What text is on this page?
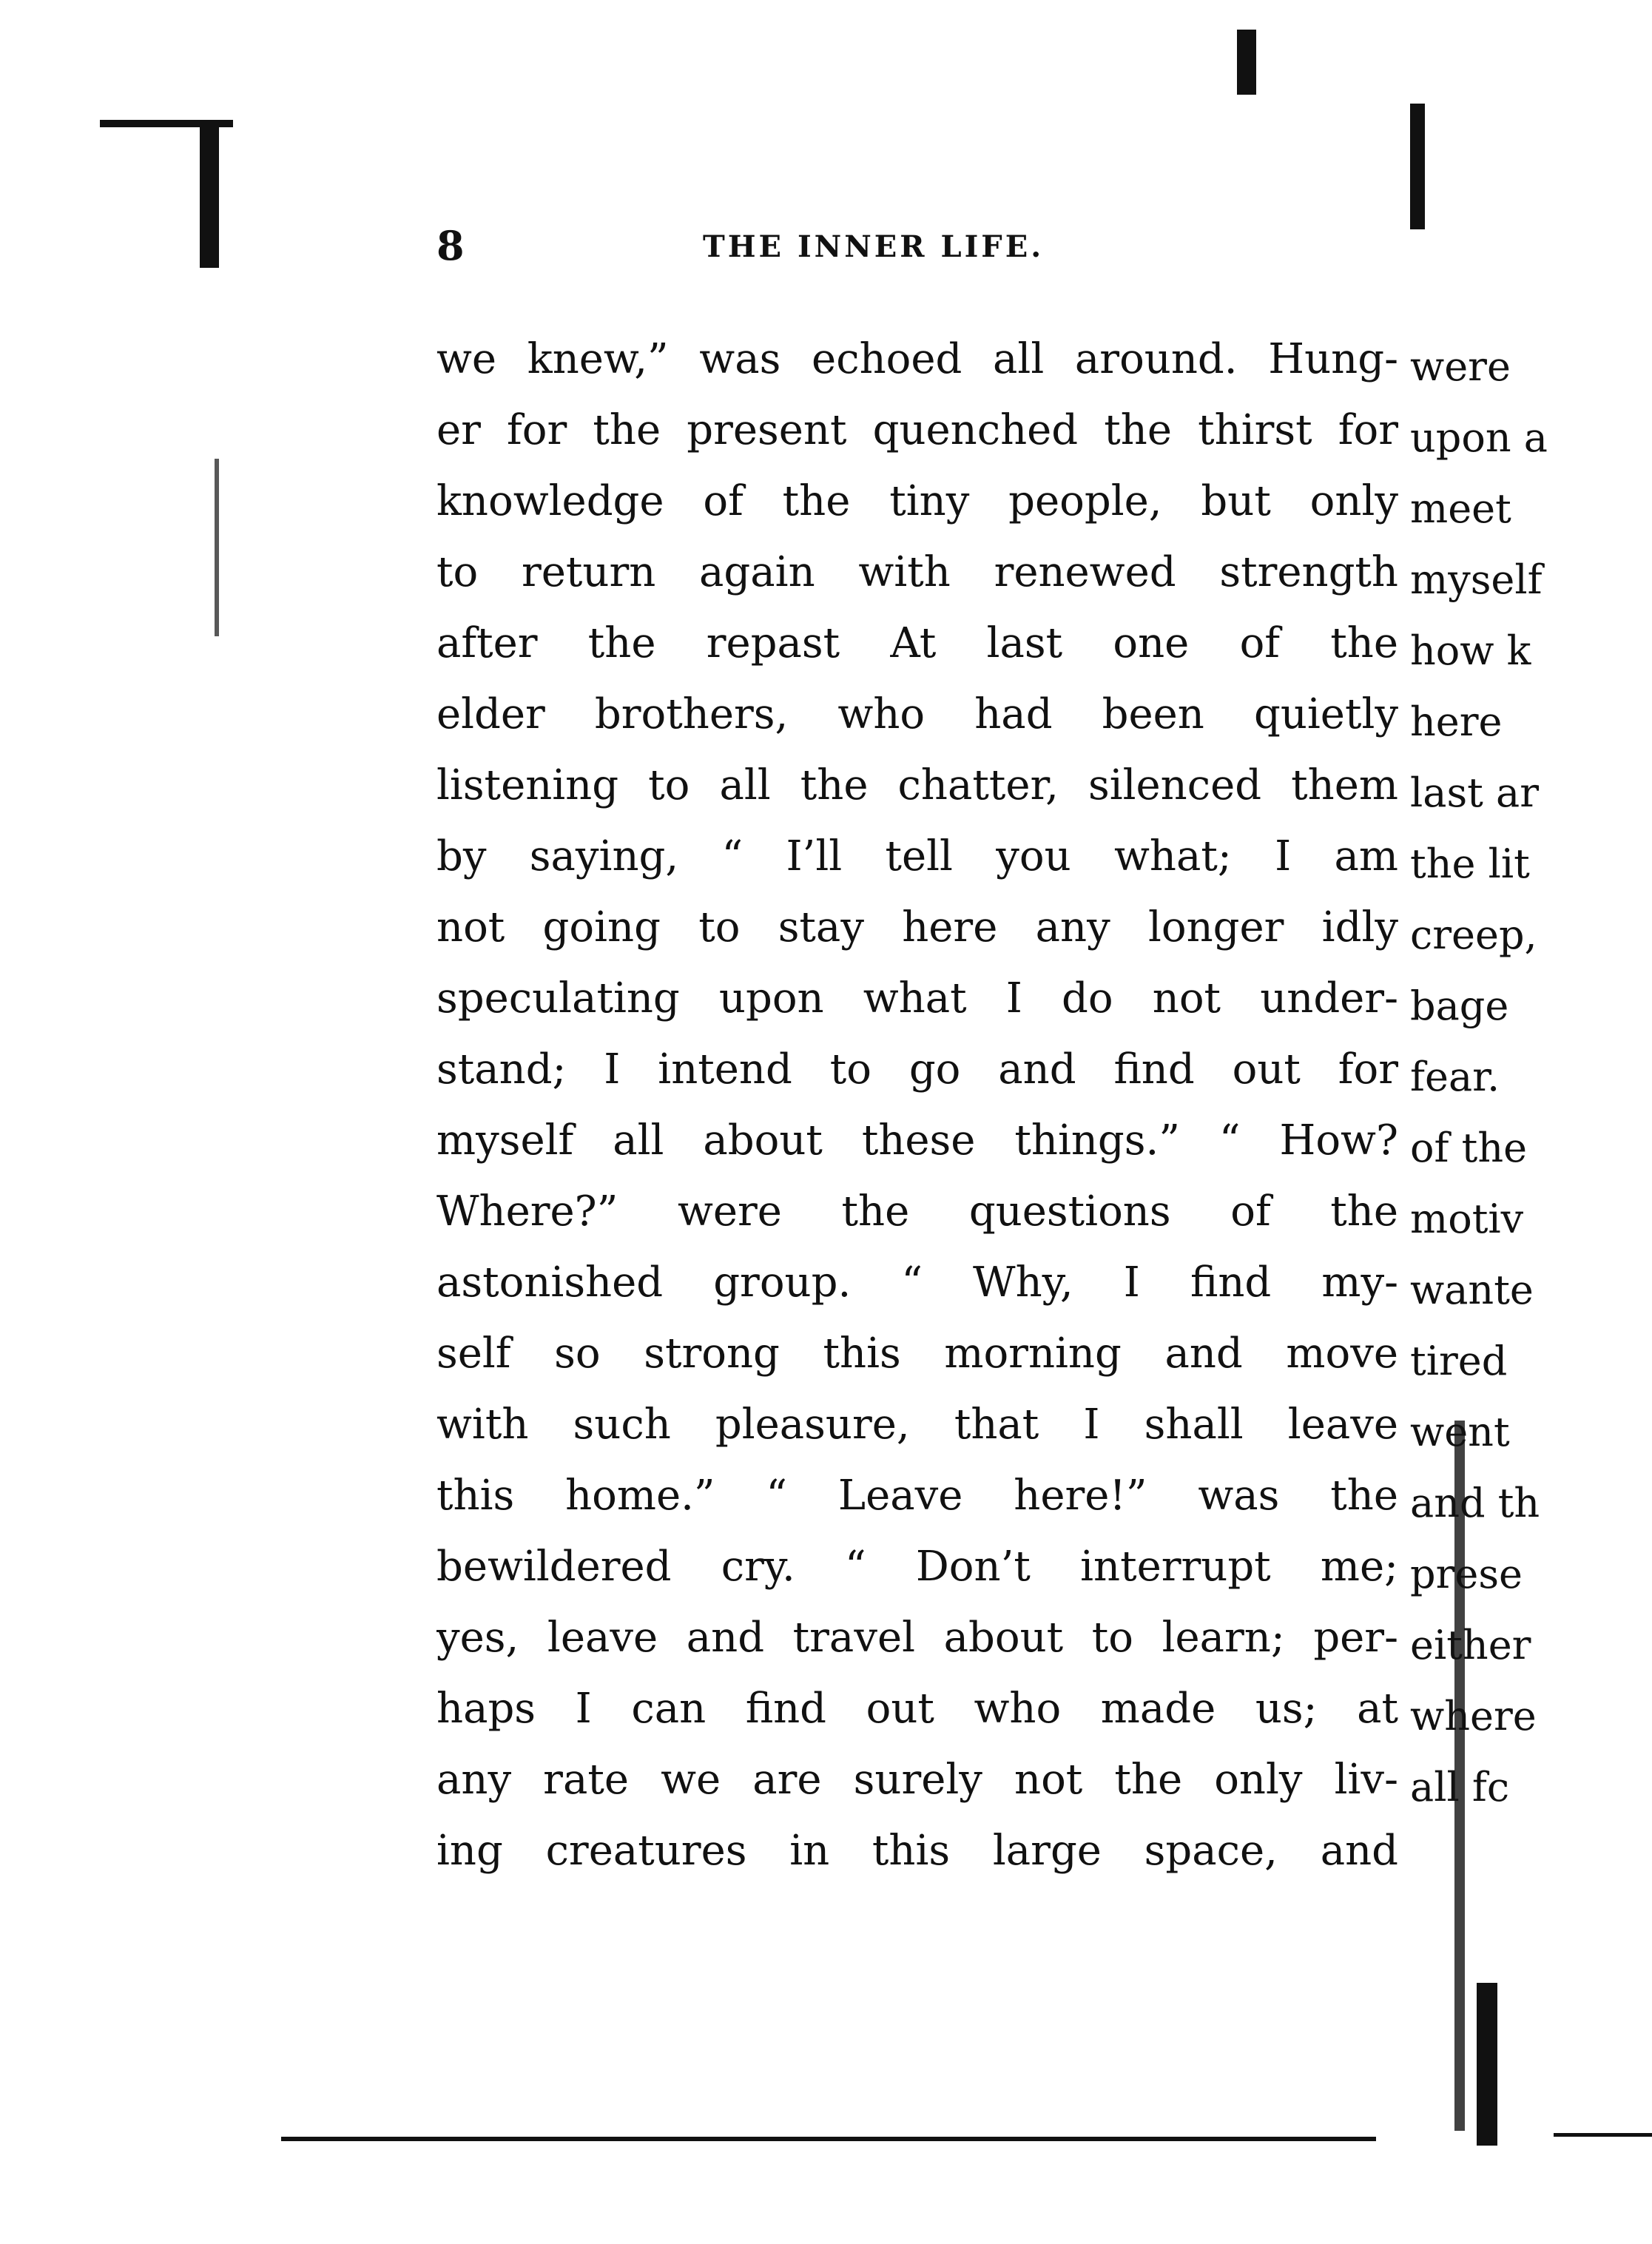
8	THE INNER LIFE.
we knew,” was echoed all around. Hung-
er for the present quenched the thirst for
knowledge of the tiny people, but only
to return again with renewed strength
after the repast At last one of the
elder brothers, who had been quietly
listening to all the chatter, silenced them
by saying, “ I’ll tell you what; I am
not going to stay here any longer idly
speculating upon what I do not under-
stand; I intend to go and find out for
myself all about these things.” “ How?
Where?” were the questions of the
astonished group. “ Why, I find my-
self so strong this morning and move
with such pleasure, that I shall leave
this home.” “ Leave here!” was the
bewildered cry. “ Don’t interrupt me;
yes, leave and travel about to learn; per-
haps I can find out who made us; at
any rate we are surely not the only liv-
ing creatures in this large space, and
were
upon a
meet
myself
how k
here
last ar
the lit
creep,
bage
fear.
of the
motiv
wante
tired
went
and th
prese
either
where
all fc
